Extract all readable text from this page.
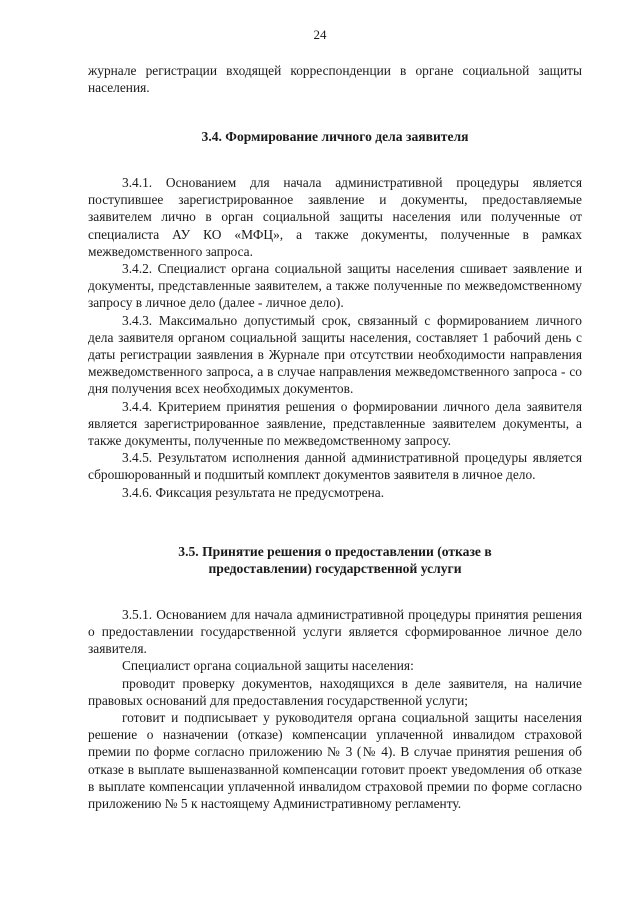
24

журнале регистрации входящей корреспонденции в органе социальной защиты населения.

3.4. Формирование личного дела заявителя

3.4.1. Основанием для начала административной процедуры является поступившее зарегистрированное заявление и документы, предоставляемые заявителем лично в орган социальной защиты населения или полученные от специалиста АУ КО «МФЦ», а также документы, полученные в рамках межведомственного запроса.

3.4.2. Специалист органа социальной защиты населения сшивает заявление и документы, представленные заявителем, а также полученные по межведомственному запросу в личное дело (далее - личное дело).

3.4.3. Максимально допустимый срок, связанный с формированием личного дела заявителя органом социальной защиты населения, составляет 1 рабочий день с даты регистрации заявления в Журнале при отсутствии необходимости направления межведомственного запроса, а в случае направления межведомственного запроса - со дня получения всех необходимых документов.

3.4.4. Критерием принятия решения о формировании личного дела заявителя является зарегистрированное заявление, представленные заявителем документы, а также документы, полученные по межведомственному запросу.

3.4.5. Результатом исполнения данной административной процедуры является сброшюрованный и подшитый комплект документов заявителя в личное дело.

3.4.6. Фиксация результата не предусмотрена.

3.5. Принятие решения о предоставлении (отказе в
предоставлении) государственной услуги

3.5.1. Основанием для начала административной процедуры принятия решения о предоставлении государственной услуги является сформированное личное дело заявителя.

Специалист органа социальной защиты населения:

проводит проверку документов, находящихся в деле заявителя, на наличие правовых оснований для предоставления государственной услуги;

готовит и подписывает у руководителя органа социальной защиты населения решение о назначении (отказе) компенсации уплаченной инвалидом страховой премии по форме согласно приложению № 3 (№ 4). В случае принятия решения об отказе в выплате вышеназванной компенсации готовит проект уведомления об отказе в выплате компенсации уплаченной инвалидом страховой премии по форме согласно приложению № 5 к настоящему Административному регламенту.
